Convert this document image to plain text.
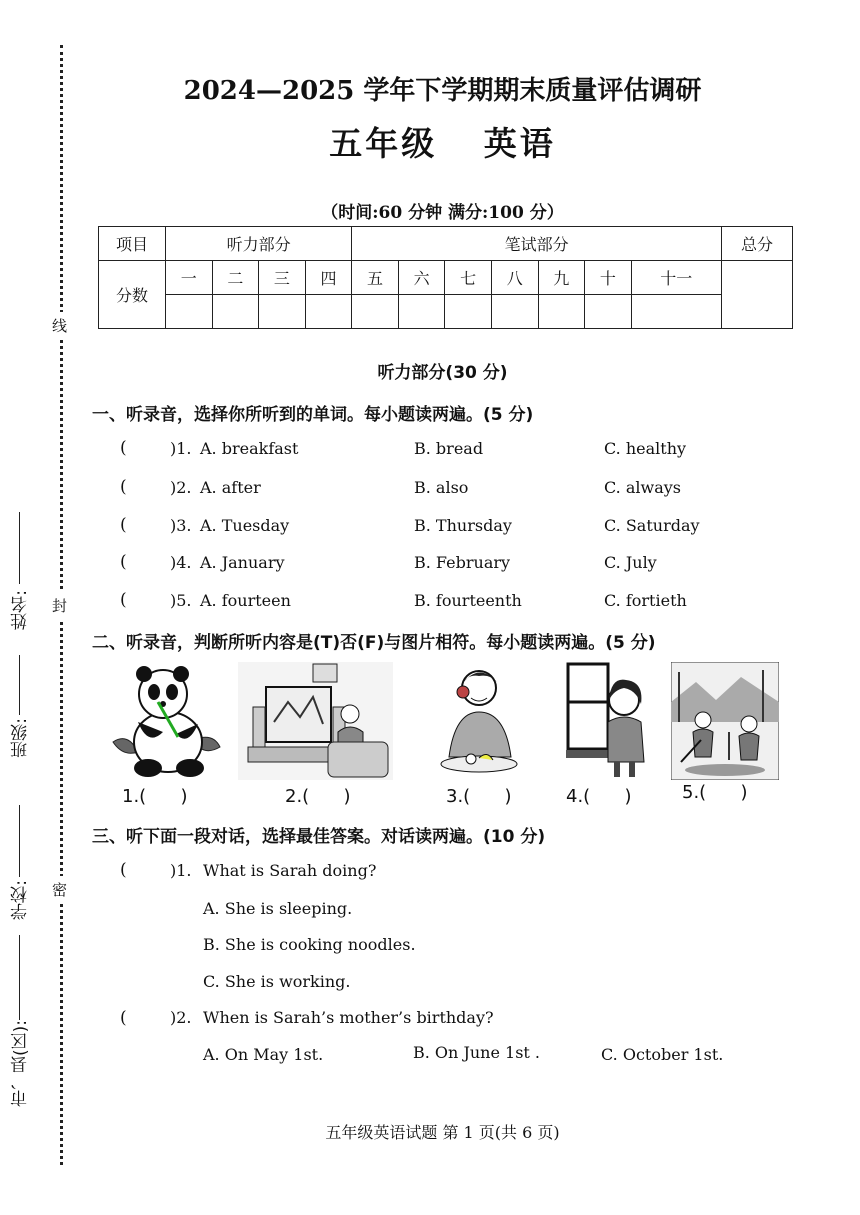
线
封
密
市、县(区):
学校:
班级:
姓名:
2024—2025 学年下学期期末质量评估调研
五年级 英语
（时间:60 分钟 满分:100 分）
项目	听力部分				笔试部分							总分
分数	一	二	三	四	五	六	七	八	九	十	十一	

听力部分(30 分)
一、听录音，选择你所听到的单词。每小题读两遍。(5 分)
(	)1. A. breakfast	B. bread	C. healthy
(	)2. A. after	B. also	C. always
(	)3. A. Tuesday	B. Thursday	C. Saturday
(	)4. A. January	B. February	C. July
(	)5. A. fourteen	B. fourteenth	C. fortieth
二、听录音，判断所听内容是(T)否(F)与图片相符。每小题读两遍。(5 分)
1.(      )	2.(      )	3.(      )	4.(      )	5.(      )
三、听下面一段对话，选择最佳答案。对话读两遍。(10 分)
(	)1. What is Sarah doing?
A. She is sleeping.
B. She is cooking noodles.
C. She is working.
(	)2. When is Sarah’s mother’s birthday?
A. On May 1st.	B. On June 1st .	C. October 1st.
五年级英语试题 第 1 页(共 6 页)
